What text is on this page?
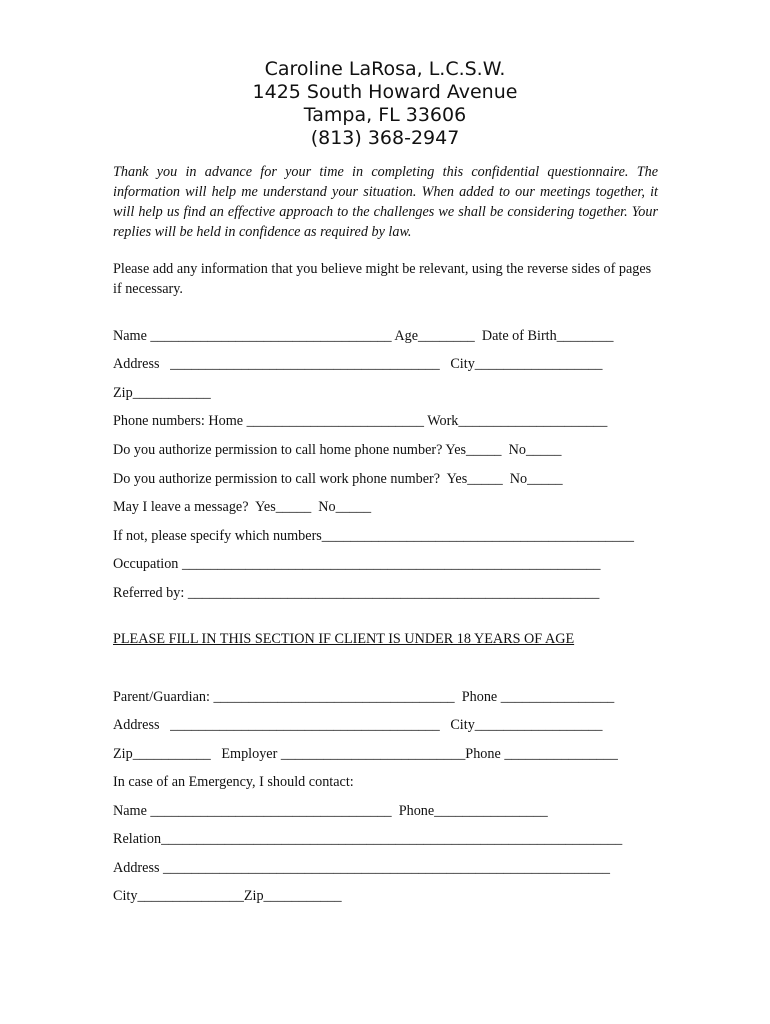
Caroline LaRosa, L.C.S.W.
1425 South Howard Avenue
Tampa, FL 33606
(813) 368-2947
Thank you in advance for your time in completing this confidential questionnaire. The information will help me understand your situation. When added to our meetings together, it will help us find an effective approach to the challenges we shall be considering together. Your replies will be held in confidence as required by law.
Please add any information that you believe might be relevant, using the reverse sides of pages if necessary.
Name __________________________________ Age________  Date of Birth________
Address   ______________________________________   City__________________
Zip___________
Phone numbers: Home _________________________ Work_____________________
Do you authorize permission to call home phone number? Yes_____  No_____
Do you authorize permission to call work phone number?  Yes_____  No_____
May I leave a message?  Yes_____  No_____
If not, please specify which numbers____________________________________________
Occupation ___________________________________________________________
Referred by: __________________________________________________________
PLEASE FILL IN THIS SECTION IF CLIENT IS UNDER 18 YEARS OF AGE
Parent/Guardian: __________________________________  Phone ________________
Address   ______________________________________   City__________________
Zip___________   Employer __________________________Phone ________________
In case of an Emergency, I should contact:
Name __________________________________  Phone________________
Relation_________________________________________________________________
Address _______________________________________________________________
City_______________Zip___________
